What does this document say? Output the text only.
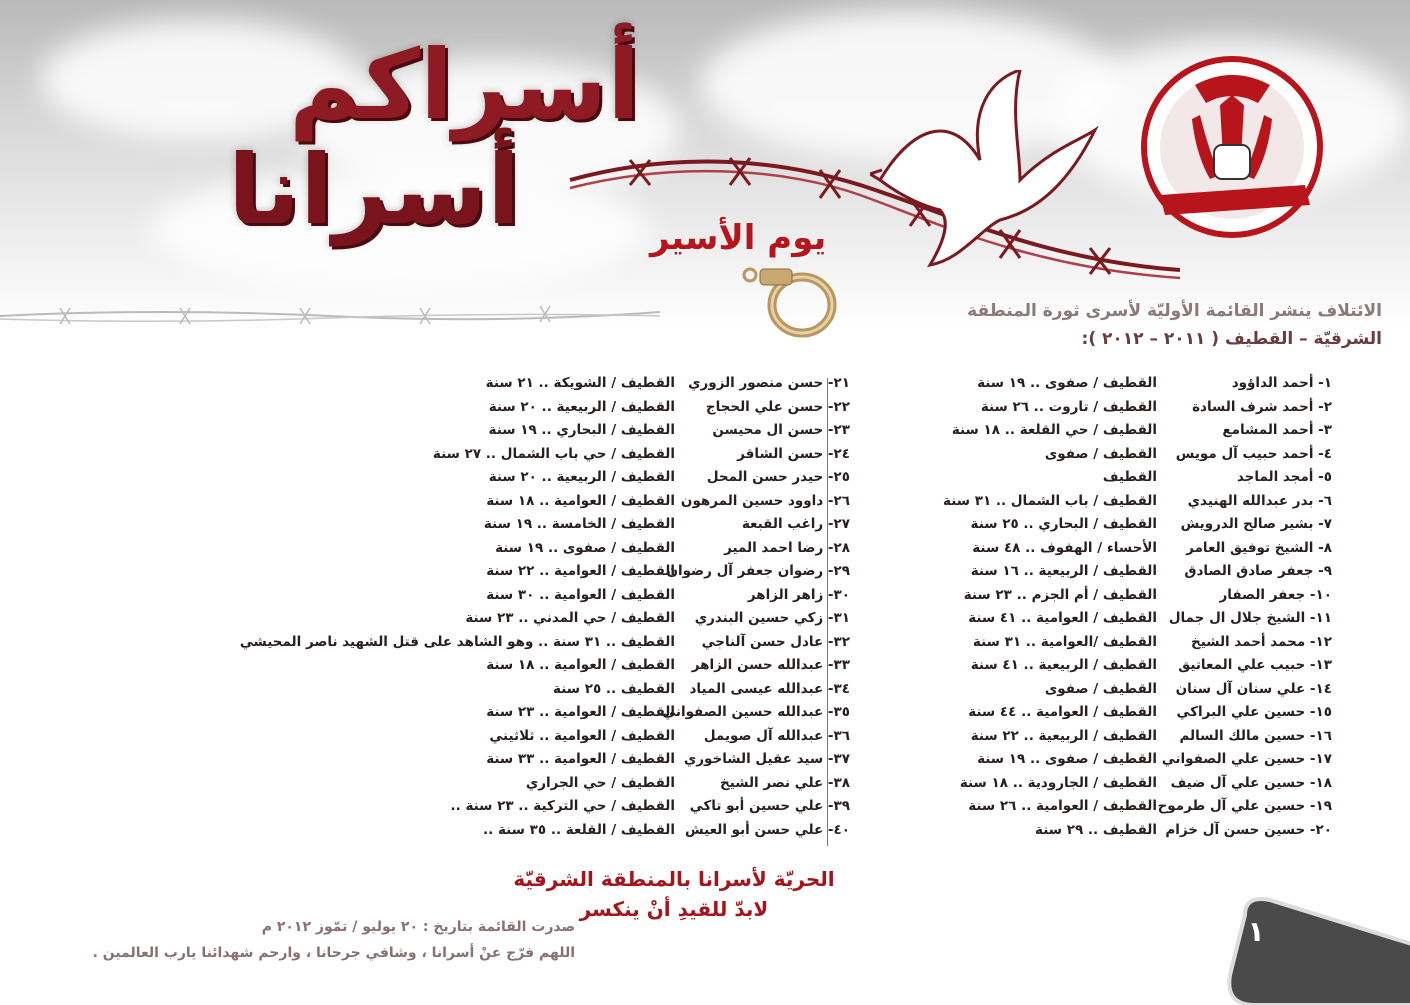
أسراكم
أسرانا	يوم الأسير

الائتلاف ينشر القائمة الأوليّة لأسرى ثورة المنطقة
الشرقيّة – القطيف ( ٢٠١١ – ٢٠١٢ ):

١- أحمد الداؤود
القطيف / صفوى .. ١٩ سنة
٢- أحمد شرف السادة
القطيف / تاروت .. ٢٦ سنة
٣- أحمد المشامع
القطيف / حي القلعة .. ١٨ سنة
٤- أحمد حبيب آل مويس
القطيف / صفوى
٥- أمجد الماجد
القطيف
٦- بدر عبدالله الهنيدي
القطيف / باب الشمال .. ٣١ سنة
٧- بشير صالح الدرويش
القطيف / البحاري .. ٢٥ سنة
٨- الشيخ توفيق العامر
الأحساء / الهفوف .. ٤٨ سنة
٩- جعفر صادق الصادق
القطيف / الربيعية .. ١٦ سنة
١٠- جعفر الصفار
القطيف / أم الجزم .. ٢٣ سنة
١١- الشيخ جلال ال جمال
القطيف / العوامية .. ٤١ سنة
١٢- محمد أحمد الشيخ
القطيف /العوامية .. ٣١ سنة
١٣- حبيب علي المعاتيق
القطيف / الربيعية .. ٤١ سنة
١٤- علي سنان آل سنان
القطيف / صفوى
١٥- حسين علي البراكي
القطيف / العوامية .. ٤٤ سنة
١٦- حسين مالك السالم
القطيف / الربيعية .. ٢٢ سنة
١٧- حسين علي الصفواني
القطيف / صفوى .. ١٩ سنة
١٨- حسين علي آل ضيف
القطيف / الجارودية .. ١٨ سنة
١٩- حسين علي آل طرموح
القطيف / العوامية .. ٢٦ سنة
٢٠- حسين حسن آل خزام
القطيف .. ٢٩ سنة
٢١- حسن منصور الزوري
القطيف / الشويكة .. ٢١ سنة
٢٢- حسن علي الحجاج
القطيف / الربيعية .. ٢٠ سنة
٢٣- حسن ال محيسن
القطيف / البحاري .. ١٩ سنة
٢٤- حسن الشاقر
القطيف / حي باب الشمال .. ٢٧ سنة
٢٥- حيدر حسن المحل
القطيف / الربيعية .. ٢٠ سنة
٢٦- داوود حسين المرهون
القطيف / العوامية .. ١٨ سنة
٢٧- راغب القبعة
القطيف / الخامسة .. ١٩ سنة
٢٨- رضا احمد المير
القطيف / صفوى .. ١٩ سنة
٢٩- رضوان جعفر آل رضوان
القطيف / العوامية .. ٢٢ سنة
٣٠- زاهر الزاهر
القطيف / العوامية .. ٣٠ سنة
٣١- زكي حسين البندري
القطيف / حي المدني .. ٢٣ سنة
٣٢- عادل حسن آلناجي
القطيف .. ٣١ سنة .. وهو الشاهد على قتل الشهيد ناصر المحيشي
٣٣- عبدالله حسن الزاهر
القطيف / العوامية .. ١٨ سنة
٣٤- عبدالله عيسى المياد
القطيف .. ٢٥ سنة
٣٥- عبدالله حسين الصفواني
القطيف / العوامية .. ٢٣ سنة
٣٦- عبدالله آل صويمل
القطيف / العوامية .. ثلاثيني
٣٧- سيد عقيل الشاخوري
القطيف / العوامية .. ٣٣ سنة
٣٨- علي نصر الشيخ
القطيف / حي الجراري
٣٩- علي حسين أبو تاكي
القطيف / حي التركية .. ٢٣ سنة ..
٤٠- علي حسن أبو العيش
القطيف / القلعة .. ٣٥ سنة ..

الحريّة لأسرانا بالمنطقة الشرقيّة
لابدّ للقيدِ أنْ ينكسر

صدرت القائمة بتاريخ : ٢٠ يوليو / تمّوز ٢٠١٢ م
اللهم فرّج عنْ أسرانا ، وشافي جرحانا ، وارحم شهدائنا يارب العالمين .

١
